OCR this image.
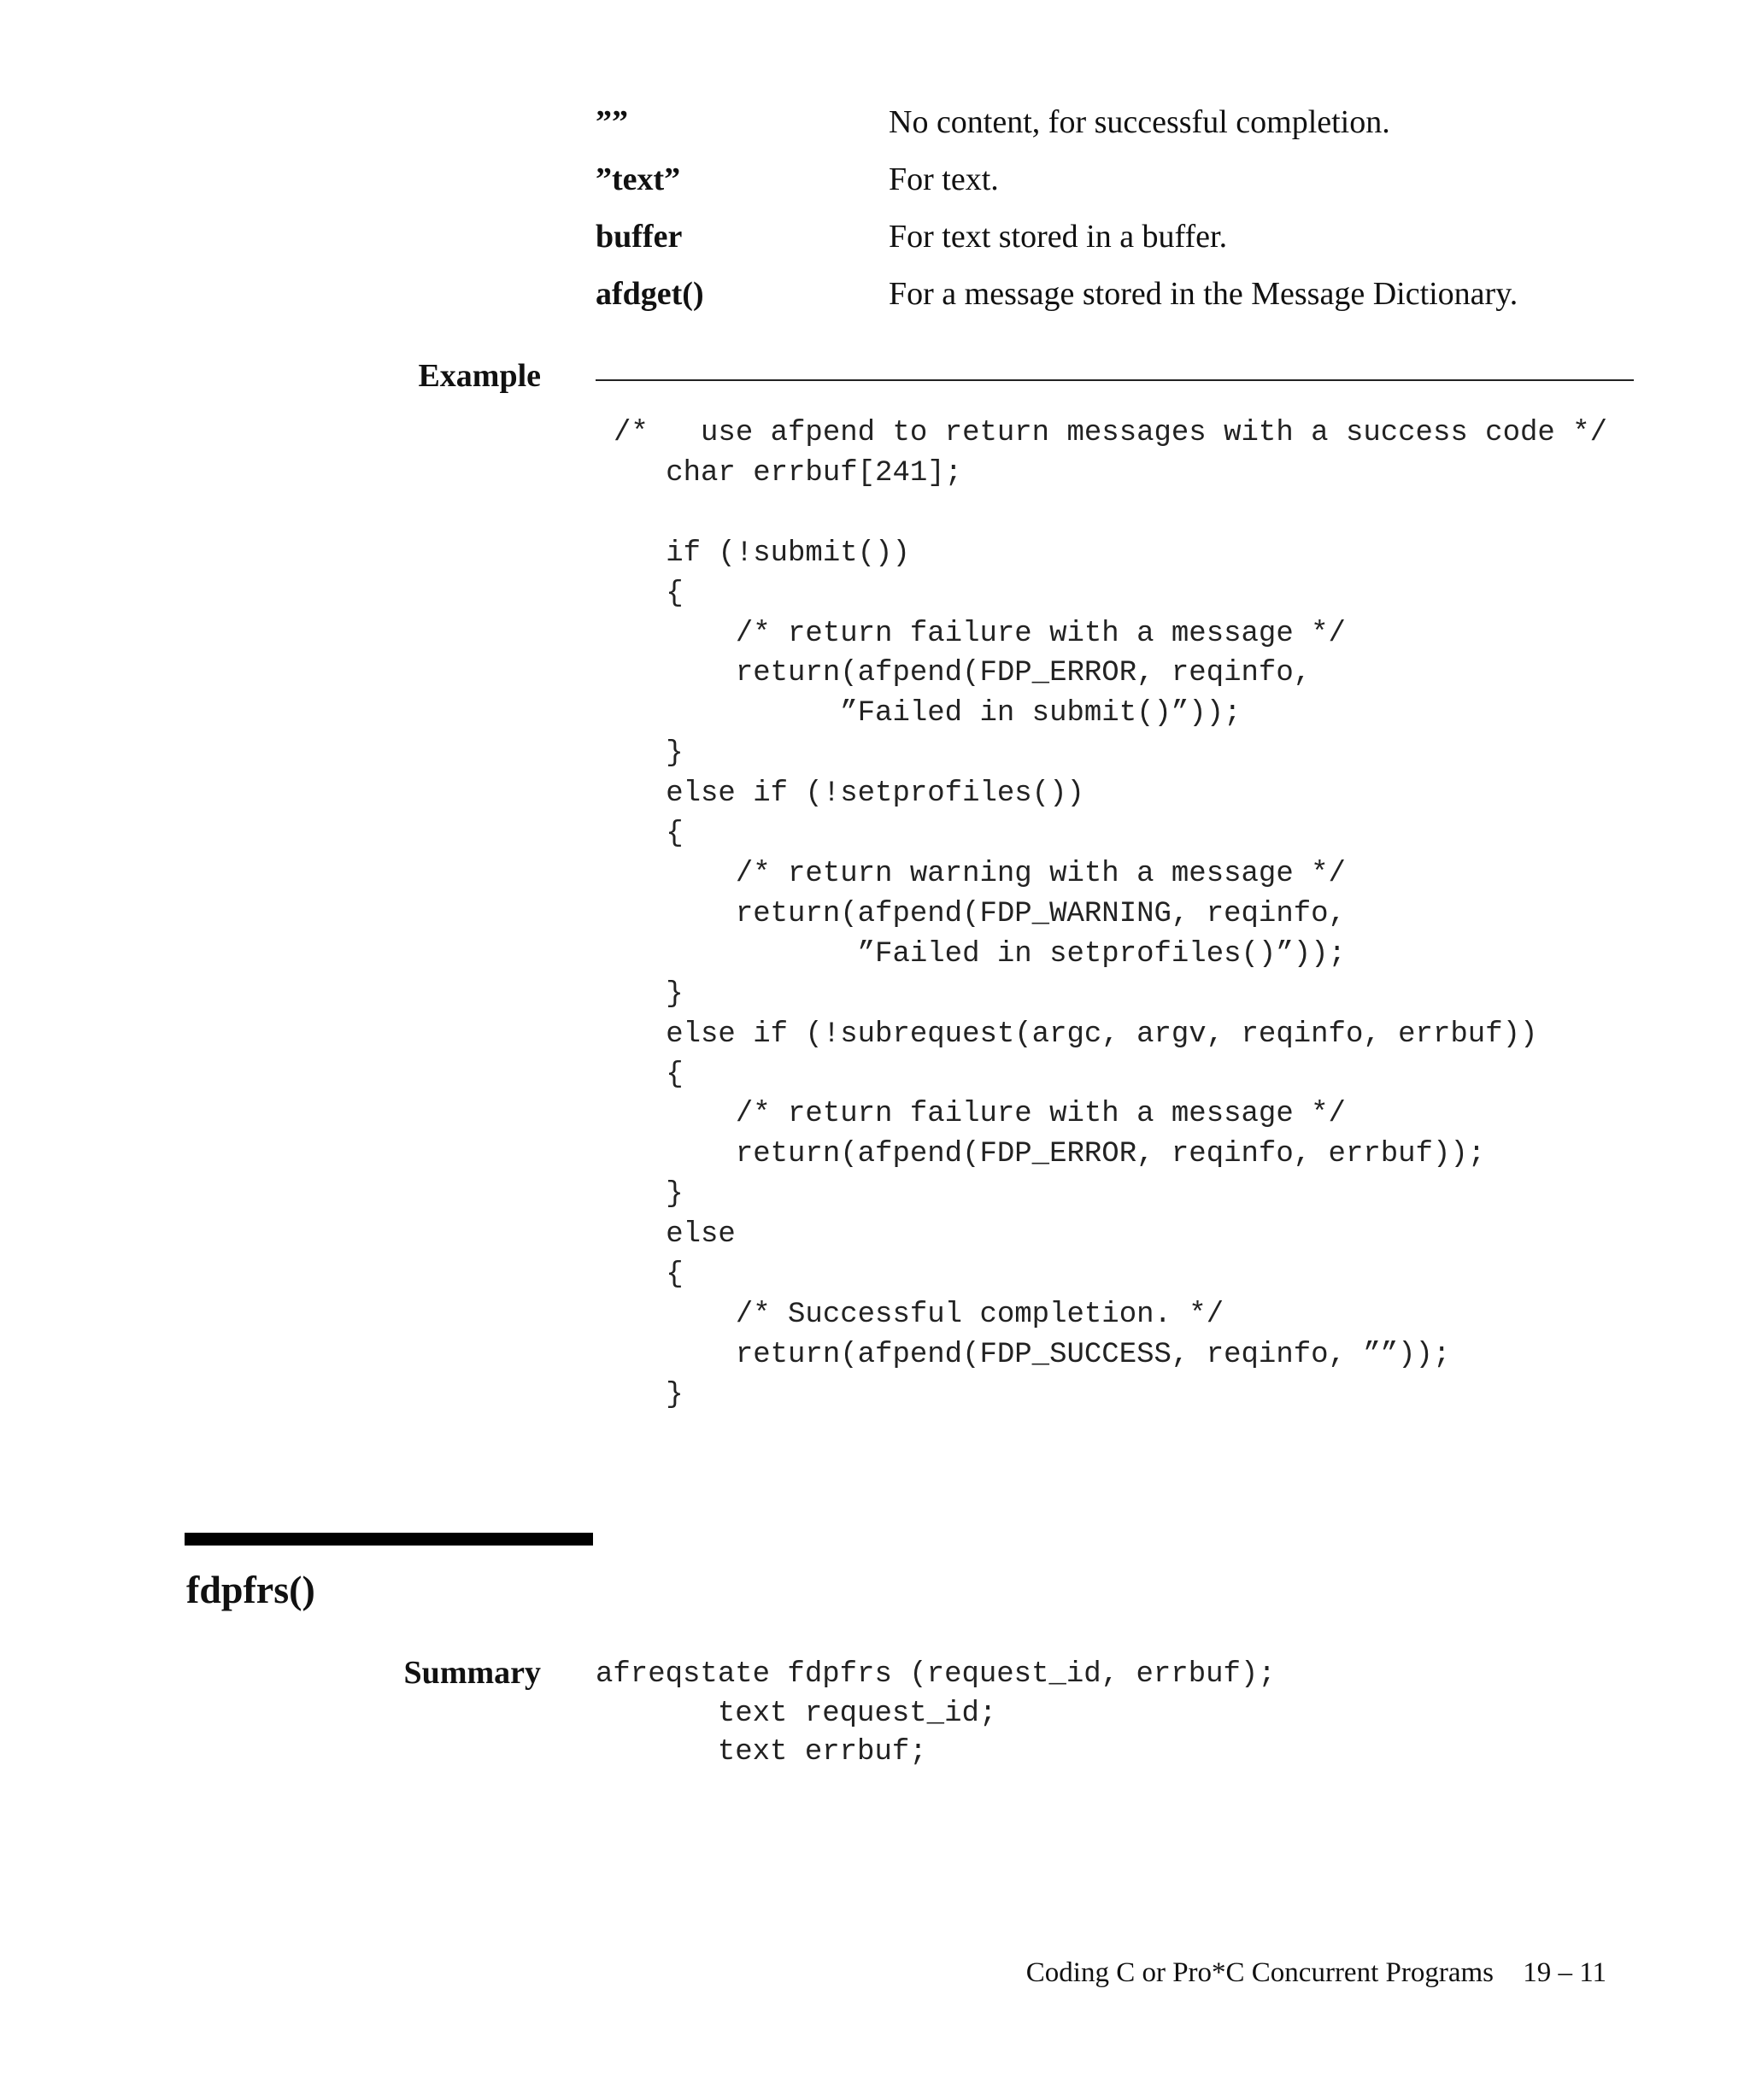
””	No content, for successful completion.
”text”	For text.
buffer	For text stored in a buffer.
afdget()	For a message stored in the Message Dictionary.
Example
/*   use afpend to return messages with a success code */
char errbuf[241];

if (!submit())
{
/* return failure with a message */
return(afpend(FDP_ERROR, reqinfo,
”Failed in submit()”));
}
else if (!setprofiles())
{
/* return warning with a message */
return(afpend(FDP_WARNING, reqinfo,
”Failed in setprofiles()”));
}
else if (!subrequest(argc, argv, reqinfo, errbuf))
{
/* return failure with a message */
return(afpend(FDP_ERROR, reqinfo, errbuf));
}
else
{
/* Successful completion. */
return(afpend(FDP_SUCCESS, reqinfo, ””));
}
fdpfrs()
Summary afreqstate fdpfrs (request_id, errbuf);
text request_id;
text errbuf;
Coding C or Pro*C Concurrent Programs 19 – 11
